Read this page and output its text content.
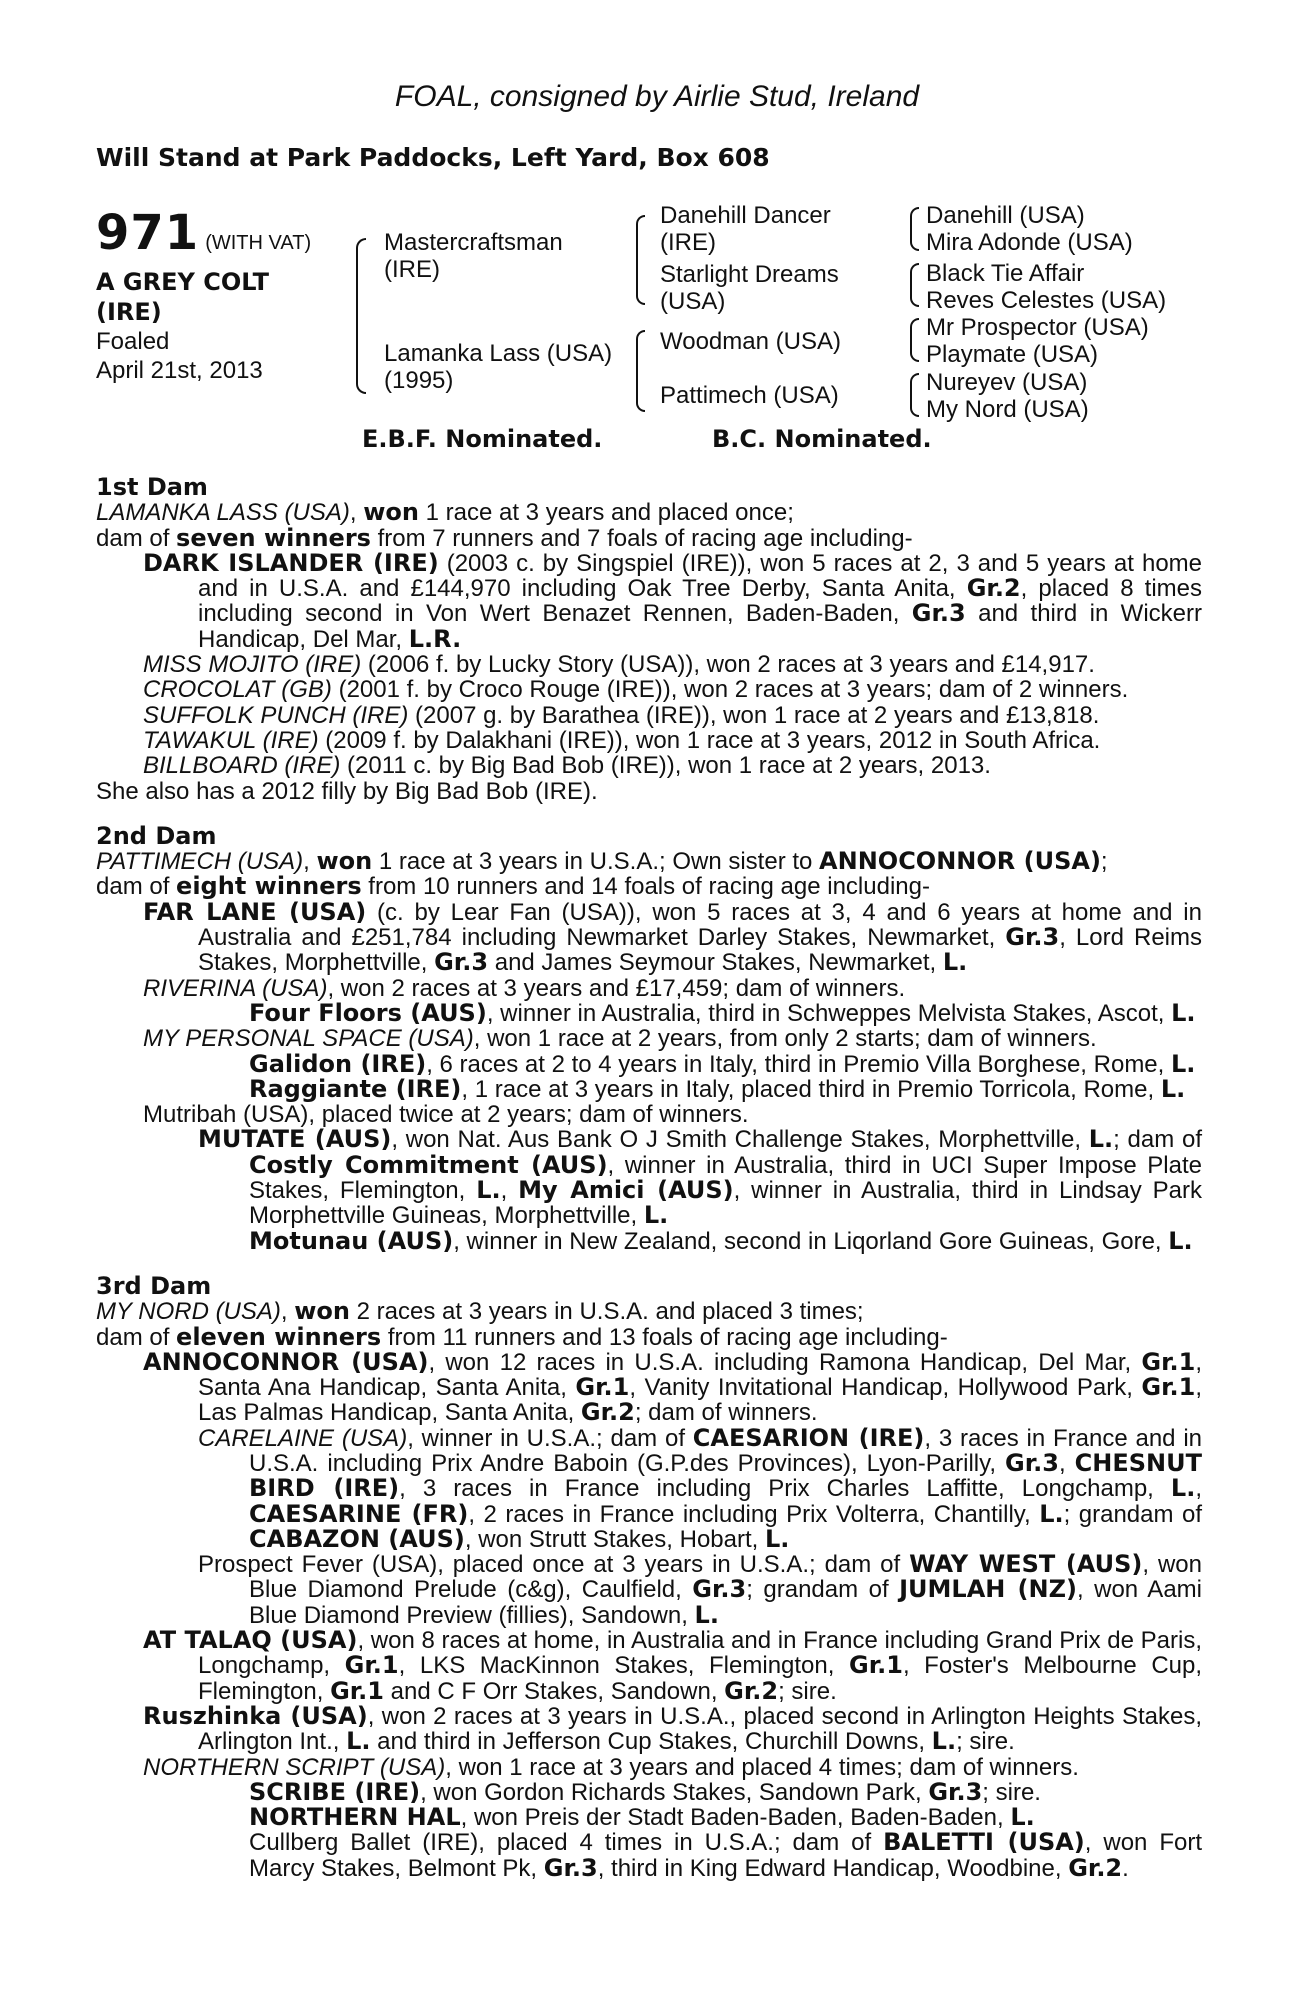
FOAL, consigned by Airlie Stud, Ireland
Will Stand at Park Paddocks, Left Yard, Box 608
971 (WITH VAT)
A GREY COLT
(IRE)
Foaled
April 21st, 2013
Mastercraftsman
(IRE)
Lamanka Lass (USA)
(1995)
Danehill Dancer
(IRE)
Starlight Dreams
(USA)
Woodman (USA)
Pattimech (USA)
Danehill (USA)
Mira Adonde (USA)
Black Tie Affair
Reves Celestes (USA)
Mr Prospector (USA)
Playmate (USA)
Nureyev (USA)
My Nord (USA)
E.B.F. Nominated.	B.C. Nominated.

1st Dam

LAMANKA LASS (USA), won 1 race at 3 years and placed once;

dam of seven winners from 7 runners and 7 foals of racing age including-

DARK ISLANDER (IRE) (2003 c. by Singspiel (IRE)), won 5 races at 2, 3 and 5 years at home and in U.S.A. and £144,970 including Oak Tree Derby, Santa Anita, Gr.2, placed 8 times including second in Von Wert Benazet Rennen, Baden-Baden, Gr.3 and third in Wickerr Handicap, Del Mar, L.R.

MISS MOJITO (IRE) (2006 f. by Lucky Story (USA)), won 2 races at 3 years and £14,917.

CROCOLAT (GB) (2001 f. by Croco Rouge (IRE)), won 2 races at 3 years; dam of 2 winners.

SUFFOLK PUNCH (IRE) (2007 g. by Barathea (IRE)), won 1 race at 2 years and £13,818.

TAWAKUL (IRE) (2009 f. by Dalakhani (IRE)), won 1 race at 3 years, 2012 in South Africa.

BILLBOARD (IRE) (2011 c. by Big Bad Bob (IRE)), won 1 race at 2 years, 2013.

She also has a 2012 filly by Big Bad Bob (IRE).

2nd Dam

PATTIMECH (USA), won 1 race at 3 years in U.S.A.; Own sister to ANNOCONNOR (USA);

dam of eight winners from 10 runners and 14 foals of racing age including-

FAR LANE (USA) (c. by Lear Fan (USA)), won 5 races at 3, 4 and 6 years at home and in Australia and £251,784 including Newmarket Darley Stakes, Newmarket, Gr.3, Lord Reims Stakes, Morphettville, Gr.3 and James Seymour Stakes, Newmarket, L.

RIVERINA (USA), won 2 races at 3 years and £17,459; dam of winners.

Four Floors (AUS), winner in Australia, third in Schweppes Melvista Stakes, Ascot, L.

MY PERSONAL SPACE (USA), won 1 race at 2 years, from only 2 starts; dam of winners.

Galidon (IRE), 6 races at 2 to 4 years in Italy, third in Premio Villa Borghese, Rome, L.

Raggiante (IRE), 1 race at 3 years in Italy, placed third in Premio Torricola, Rome, L.

Mutribah (USA), placed twice at 2 years; dam of winners.

MUTATE (AUS), won Nat. Aus Bank O J Smith Challenge Stakes, Morphettville, L.; dam of Costly Commitment (AUS), winner in Australia, third in UCI Super Impose Plate Stakes, Flemington, L., My Amici (AUS), winner in Australia, third in Lindsay Park Morphettville Guineas, Morphettville, L.

Motunau (AUS), winner in New Zealand, second in Liqorland Gore Guineas, Gore, L.

3rd Dam

MY NORD (USA), won 2 races at 3 years in U.S.A. and placed 3 times;

dam of eleven winners from 11 runners and 13 foals of racing age including-

ANNOCONNOR (USA), won 12 races in U.S.A. including Ramona Handicap, Del Mar, Gr.1, Santa Ana Handicap, Santa Anita, Gr.1, Vanity Invitational Handicap, Hollywood Park, Gr.1, Las Palmas Handicap, Santa Anita, Gr.2; dam of winners.

CARELAINE (USA), winner in U.S.A.; dam of CAESARION (IRE), 3 races in France and in U.S.A. including Prix Andre Baboin (G.P.des Provinces), Lyon-Parilly, Gr.3, CHESNUT BIRD (IRE), 3 races in France including Prix Charles Laffitte, Longchamp, L., CAESARINE (FR), 2 races in France including Prix Volterra, Chantilly, L.; grandam of CABAZON (AUS), won Strutt Stakes, Hobart, L.

Prospect Fever (USA), placed once at 3 years in U.S.A.; dam of WAY WEST (AUS), won Blue Diamond Prelude (c&g), Caulfield, Gr.3; grandam of JUMLAH (NZ), won Aami Blue Diamond Preview (fillies), Sandown, L.

AT TALAQ (USA), won 8 races at home, in Australia and in France including Grand Prix de Paris, Longchamp, Gr.1, LKS MacKinnon Stakes, Flemington, Gr.1, Foster's Melbourne Cup, Flemington, Gr.1 and C F Orr Stakes, Sandown, Gr.2; sire.

Ruszhinka (USA), won 2 races at 3 years in U.S.A., placed second in Arlington Heights Stakes, Arlington Int., L. and third in Jefferson Cup Stakes, Churchill Downs, L.; sire.

NORTHERN SCRIPT (USA), won 1 race at 3 years and placed 4 times; dam of winners.

SCRIBE (IRE), won Gordon Richards Stakes, Sandown Park, Gr.3; sire.

NORTHERN HAL, won Preis der Stadt Baden-Baden, Baden-Baden, L.

Cullberg Ballet (IRE), placed 4 times in U.S.A.; dam of BALETTI (USA), won Fort Marcy Stakes, Belmont Pk, Gr.3, third in King Edward Handicap, Woodbine, Gr.2.
